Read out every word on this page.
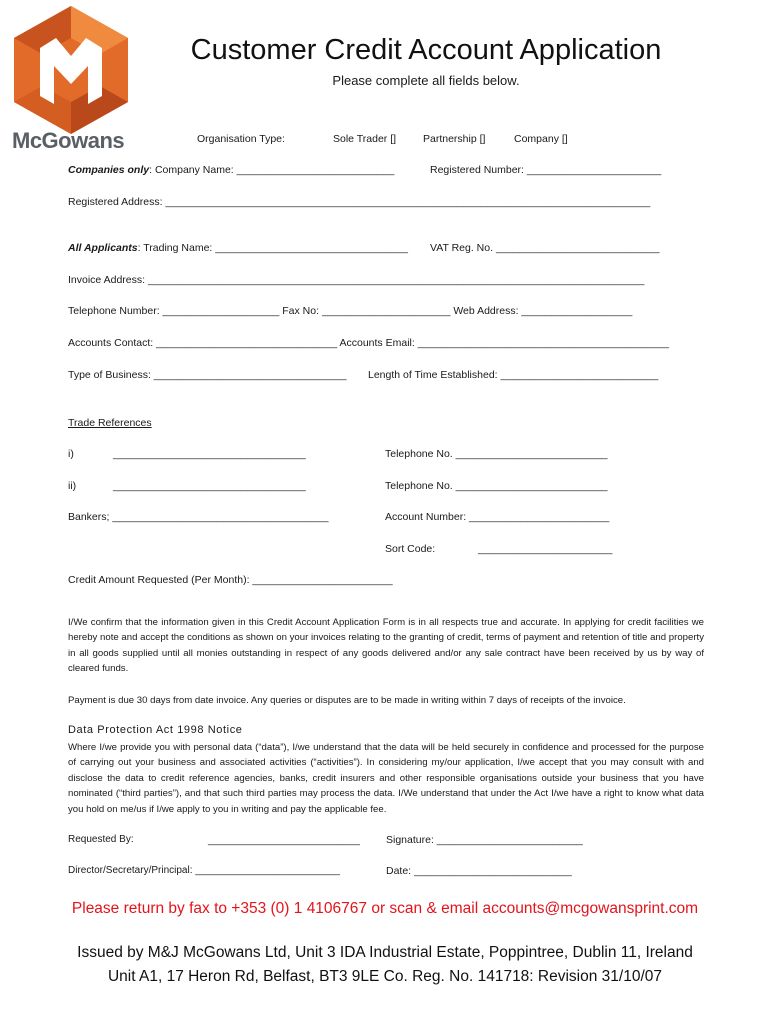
McGowans
Customer Credit Account Application
Please complete all fields below.
Organisation Type:	Sole Trader []	Partnership []	Company []
Companies only: Company Name: ___________________________	Registered Number: _______________________
Registered Address: ___________________________________________________________________________________
All Applicants: Trading Name: _________________________________ VAT Reg. No. ____________________________
Invoice Address: _____________________________________________________________________________________
Telephone Number: ____________________ Fax No: ______________________ Web Address: ___________________
Accounts Contact: _______________________________ Accounts Email: ___________________________________________
Type of Business: _________________________________ Length of Time Established: ___________________________
Trade References
i)	_________________________________	Telephone No. __________________________
ii)	_________________________________	Telephone No. __________________________
Bankers; _____________________________________	Account Number: ________________________
Sort Code:	_______________________
Credit Amount Requested (Per Month): ________________________
I/We confirm that the information given in this Credit Account Application Form is in all respects true and accurate. In applying for credit facilities we hereby note and accept the conditions as shown on your invoices relating to the granting of credit, terms of payment and retention of title and property in all goods supplied until all monies outstanding in respect of any goods delivered and/or any sale contract have been received by us by way of cleared funds.
Payment is due 30 days from date invoice. Any queries or disputes are to be made in writing within 7 days of receipts of the invoice.
Data Protection Act 1998 Notice
Where I/we provide you with personal data (“data”), I/we understand that the data will be held securely in confidence and processed for the purpose of carrying out your business and associated activities (“activities”). In considering my/our application, I/we accept that you may consult with and disclose the data to credit reference agencies, banks, credit insurers and other responsible organisations outside your business that you have nominated (“third parties”), and that such third parties may process the data. I/We understand that under the Act I/we have a right to know what data you hold on me/us if I/we apply to you in writing and pay the applicable fee.
Requested By:	__________________________ Signature: _________________________
Director/Secretary/Principal: __________________________	Date: ___________________________
Please return by fax to +353 (0) 1 4106767 or scan & email accounts@mcgowansprint.com
Issued by M&J McGowans Ltd, Unit 3 IDA Industrial Estate, Poppintree, Dublin 11, Ireland
Unit A1, 17 Heron Rd, Belfast, BT3 9LE Co. Reg. No. 141718: Revision 31/10/07
